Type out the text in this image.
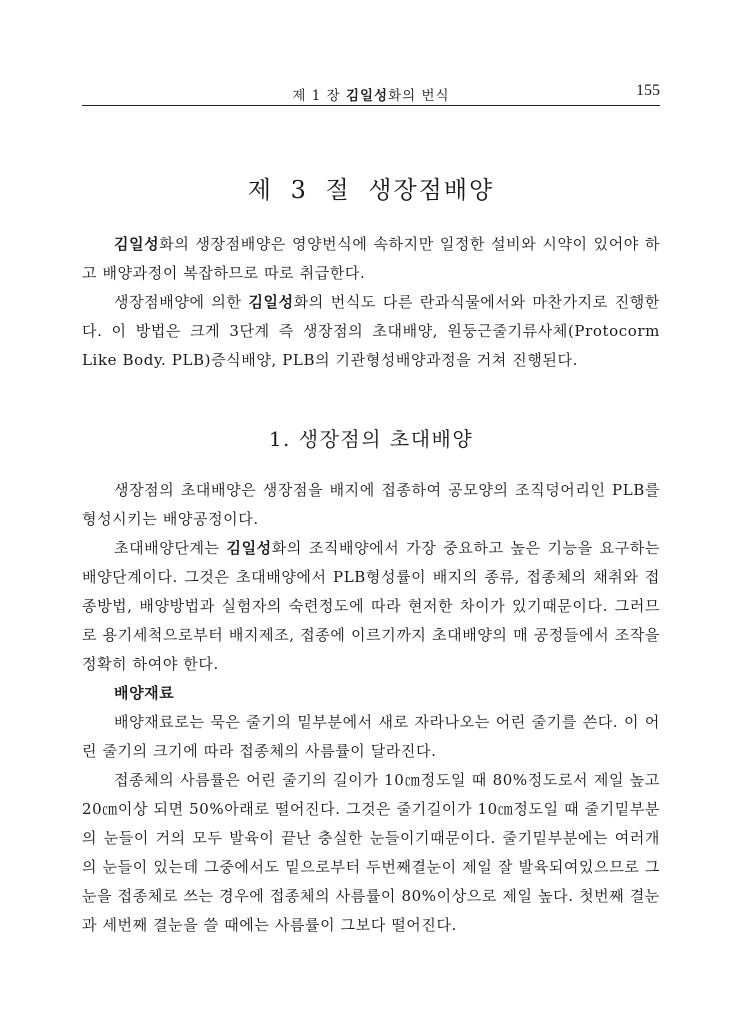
제 1 장 김일성화의 번식	155
제 3 절 생장점배양

김일성화의 생장점배양은 영양번식에 속하지만 일정한 설비와 시약이 있어야 하고 배양과정이 복잡하므로 따로 취급한다.

생장점배양에 의한 김일성화의 번식도 다른 란과식물에서와 마찬가지로 진행한다. 이 방법은 크게 3단계 즉 생장점의 초대배양, 원둥근줄기류사체(Protocorm Like Body. PLB)증식배양, PLB의 기관형성배양과정을 거쳐 진행된다.

1. 생장점의 초대배양

생장점의 초대배양은 생장점을 배지에 접종하여 공모양의 조직덩어리인 PLB를 형성시키는 배양공정이다.

초대배양단계는 김일성화의 조직배양에서 가장 중요하고 높은 기능을 요구하는 배양단계이다. 그것은 초대배양에서 PLB형성률이 배지의 종류, 접종체의 채취와 접종방법, 배양방법과 실험자의 숙련정도에 따라 현저한 차이가 있기때문이다. 그러므로 용기세척으로부터 배지제조, 접종에 이르기까지 초대배양의 매 공정들에서 조작을 정확히 하여야 한다.

배양재료

배양재료로는 묵은 줄기의 밑부분에서 새로 자라나오는 어린 줄기를 쓴다. 이 어린 줄기의 크기에 따라 접종체의 사름률이 달라진다.

접종체의 사름률은 어린 줄기의 길이가 10㎝정도일 때 80%정도로서 제일 높고 20㎝이상 되면 50%아래로 떨어진다. 그것은 줄기길이가 10㎝정도일 때 줄기밑부분의 눈들이 거의 모두 발육이 끝난 충실한 눈들이기때문이다. 줄기밑부분에는 여러개의 눈들이 있는데 그중에서도 밑으로부터 두번째결눈이 제일 잘 발육되여있으므로 그 눈을 접종체로 쓰는 경우에 접종체의 사름률이 80%이상으로 제일 높다. 첫번째 결눈과 세번째 결눈을 쓸 때에는 사름률이 그보다 떨어진다.
